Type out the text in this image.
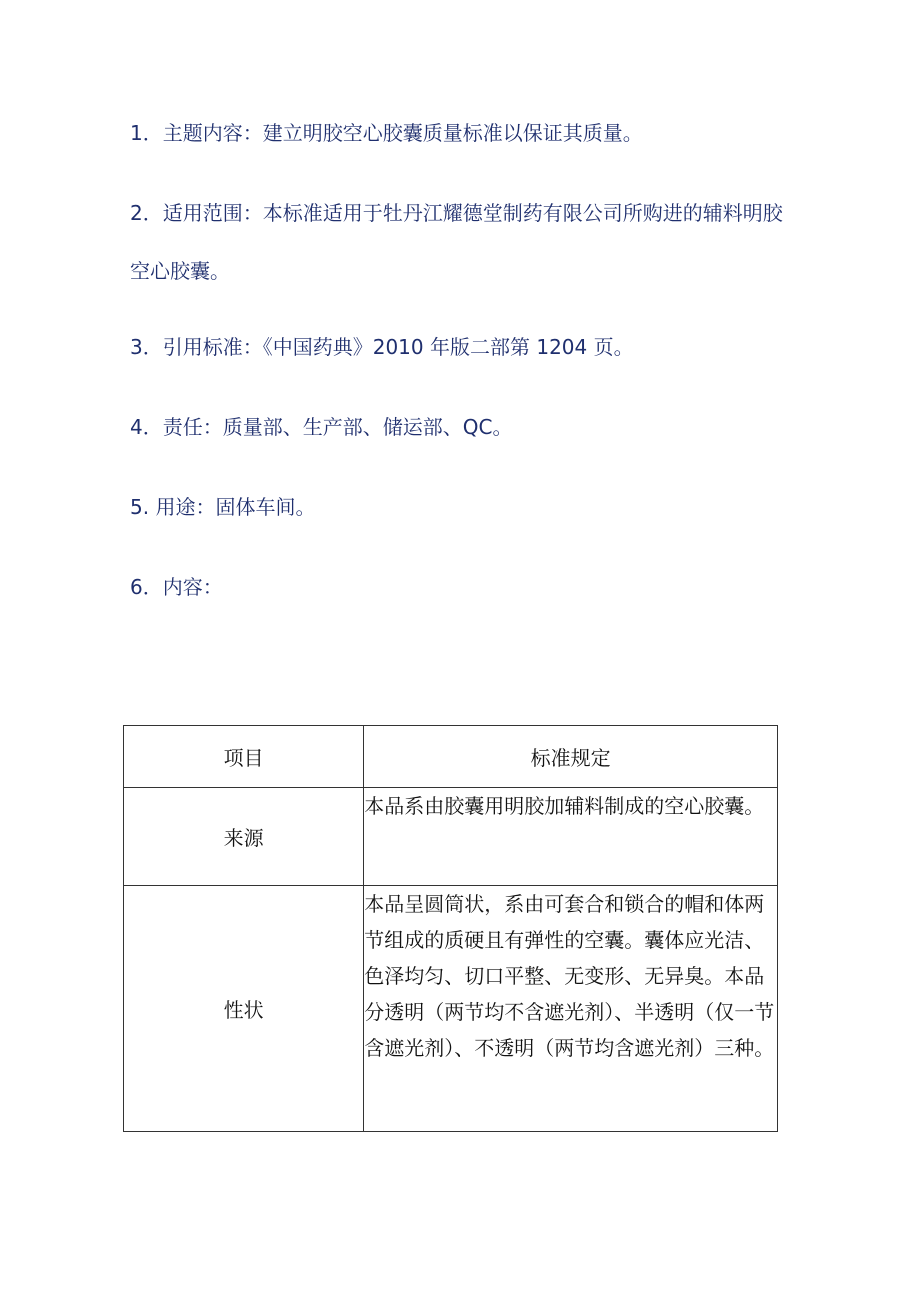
1．主题内容：建立明胶空心胶囊质量标准以保证其质量。

2．适用范围：本标准适用于牡丹江耀德堂制药有限公司所购进的辅料明胶空心胶囊。

3．引用标准：《中国药典》2010 年版二部第 1204 页。

4．责任：质量部、生产部、储运部、QC。

5. 用途：固体车间。

6．内容：

项目	标准规定
来源	本品系由胶囊用明胶加辅料制成的空心胶囊。
性状	本品呈圆筒状，系由可套合和锁合的帽和体两节组成的质硬且有弹性的空囊。囊体应光洁、色泽均匀、切口平整、无变形、无异臭。本品分透明（两节均不含遮光剂）、半透明（仅一节含遮光剂）、不透明（两节均含遮光剂）三种。
